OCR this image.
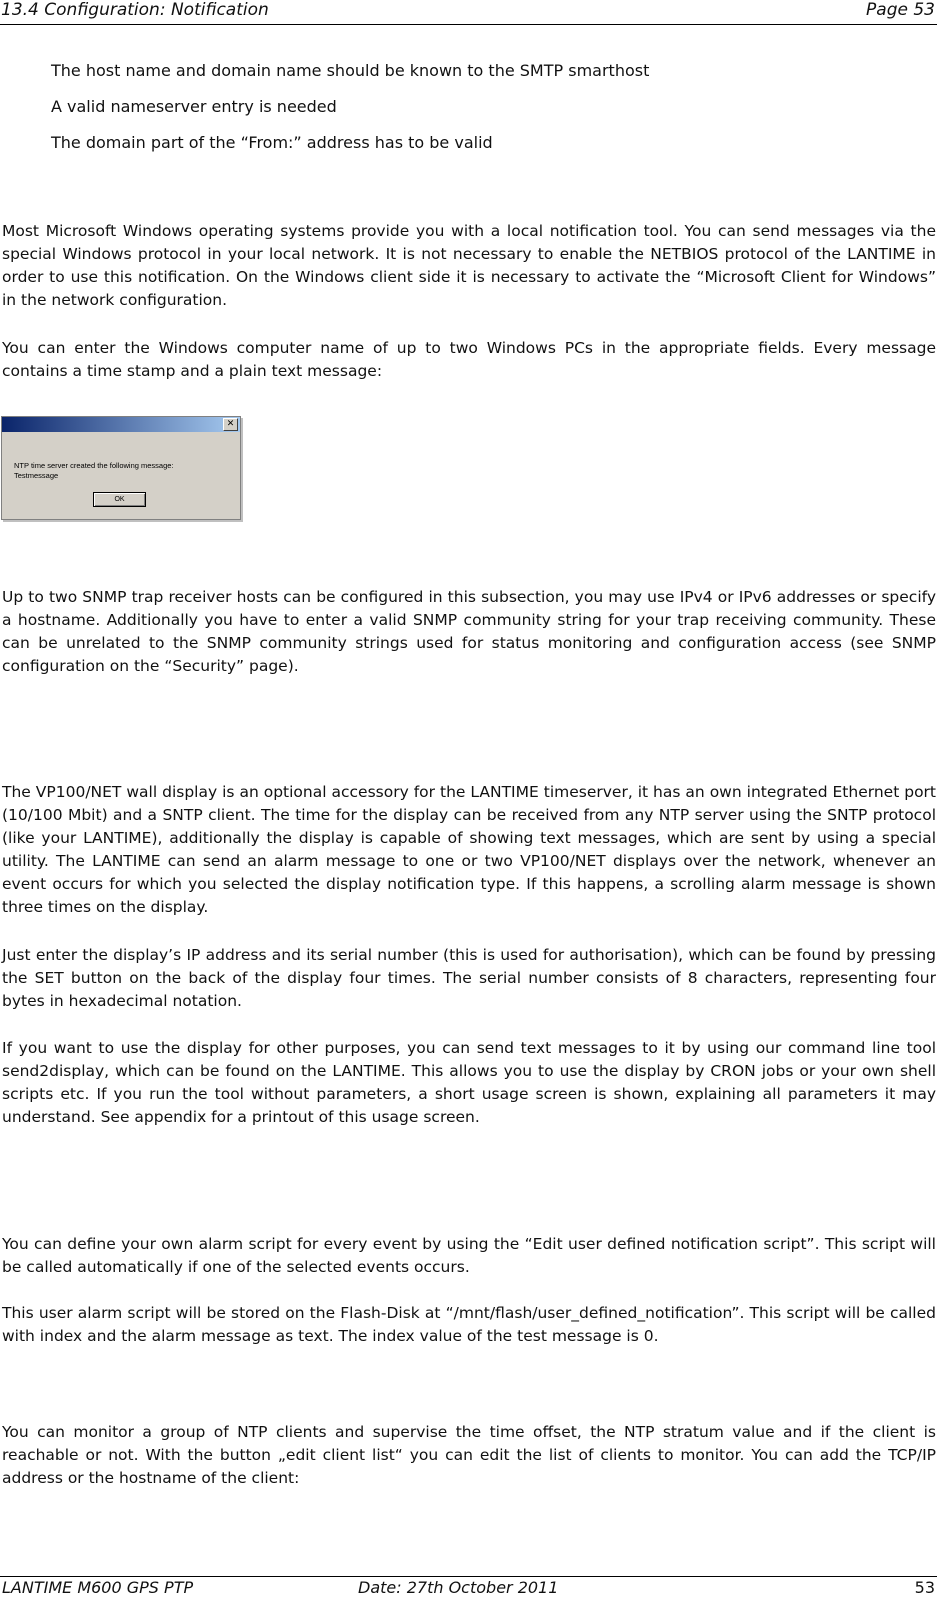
13.4 Configuration: Notification	Page 53
The host name and domain name should be known to the SMTP smarthost
A valid nameserver entry is needed
The domain part of the “From:” address has to be valid

Most Microsoft Windows operating systems provide you with a local notification tool. You can send messages via the special Windows protocol in your local network. It is not necessary to enable the NETBIOS protocol of the LANTIME in order to use this notification. On the Windows client side it is necessary to activate the “Microsoft Client for Windows” in the network configuration.

You can enter the Windows computer name of up to two Windows PCs in the appropriate fields. Every message contains a time stamp and a plain text message:

✕
NTP time server created the following message:
Testmessage
OK

Up to two SNMP trap receiver hosts can be configured in this subsection, you may use IPv4 or IPv6 addresses or specify a hostname. Additionally you have to enter a valid SNMP community string for your trap receiving community. These can be unrelated to the SNMP community strings used for status monitoring and configuration access (see SNMP configuration on the “Security” page).

The VP100/NET wall display is an optional accessory for the LANTIME timeserver, it has an own integrated Ethernet port (10/100 Mbit) and a SNTP client. The time for the display can be received from any NTP server using the SNTP protocol (like your LANTIME), additionally the display is capable of showing text messages, which are sent by using a special utility. The LANTIME can send an alarm message to one or two VP100/NET displays over the network, whenever an event occurs for which you selected the display notification type. If this happens, a scrolling alarm message is shown three times on the display.

Just enter the display’s IP address and its serial number (this is used for authorisation), which can be found by pressing the SET button on the back of the display four times. The serial number consists of 8 characters, representing four bytes in hexadecimal notation.

If you want to use the display for other purposes, you can send text messages to it by using our command line tool send2display, which can be found on the LANTIME. This allows you to use the display by CRON jobs or your own shell scripts etc. If you run the tool without parameters, a short usage screen is shown, explaining all parameters it may understand. See appendix for a printout of this usage screen.

You can define your own alarm script for every event by using the “Edit user defined notification script”. This script will be called automatically if one of the selected events occurs.

This user alarm script will be stored on the Flash-Disk at “/mnt/flash/user_defined_notification”. This script will be called with index and the alarm message as text. The index value of the test message is 0.

You can monitor a group of NTP clients and supervise the time offset, the NTP stratum value and if the client is reachable or not. With the button „edit client list“ you can edit the list of clients to monitor. You can add the TCP/IP address or the hostname of the client:

LANTIME M600 GPS PTP	Date: 27th October 2011	53
